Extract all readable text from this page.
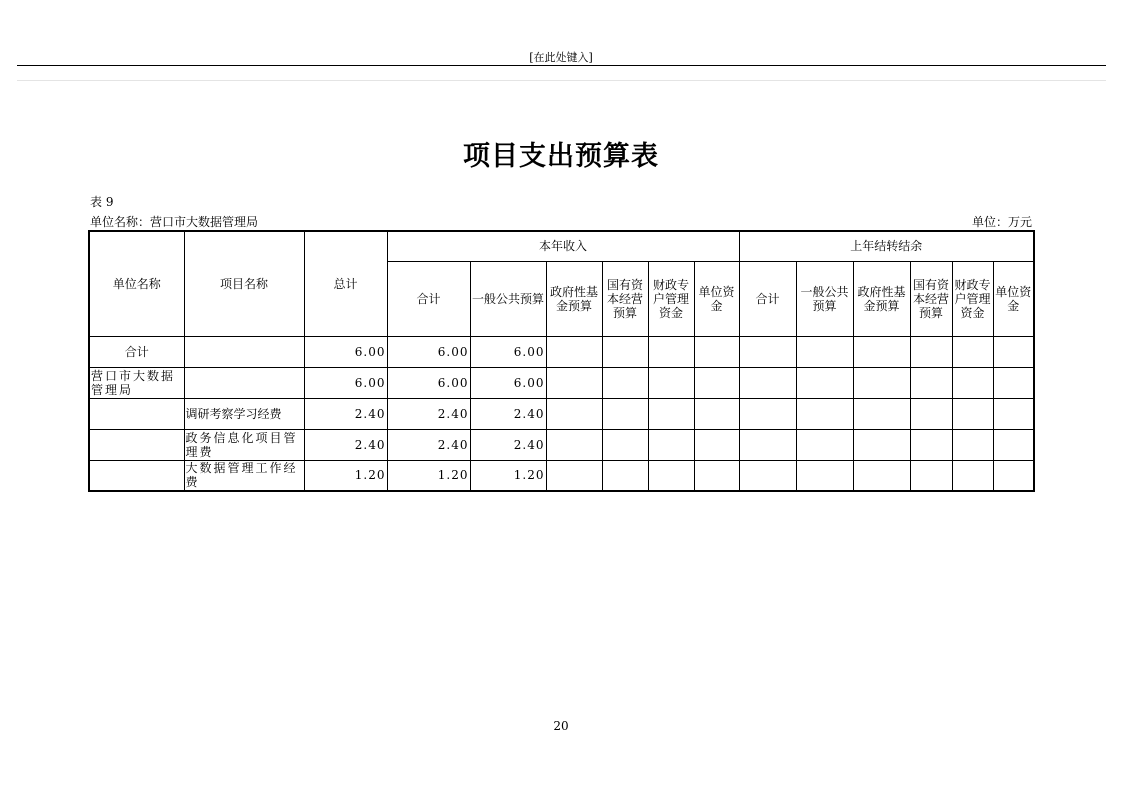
[在此处键入]
项目支出预算表
表 9
单位名称：营口市大数据管理局	单位：万元
单位名称	项目名称	总计	本年收入						上年结转结余					
			合计	一般公共预算	政府性基金预算	国有资本经营预算	财政专户管理资金	单位资金	合计	一般公共预算	政府性基金预算	国有资本经营预算	财政专户管理资金	单位资金
合计		6.00	6.00	6.00										
营口市大数据管理局		6.00	6.00	6.00										
	调研考察学习经费	2.40	2.40	2.40										
	政务信息化项目管理费	2.40	2.40	2.40										
	大数据管理工作经费	1.20	1.20	1.20										
20
